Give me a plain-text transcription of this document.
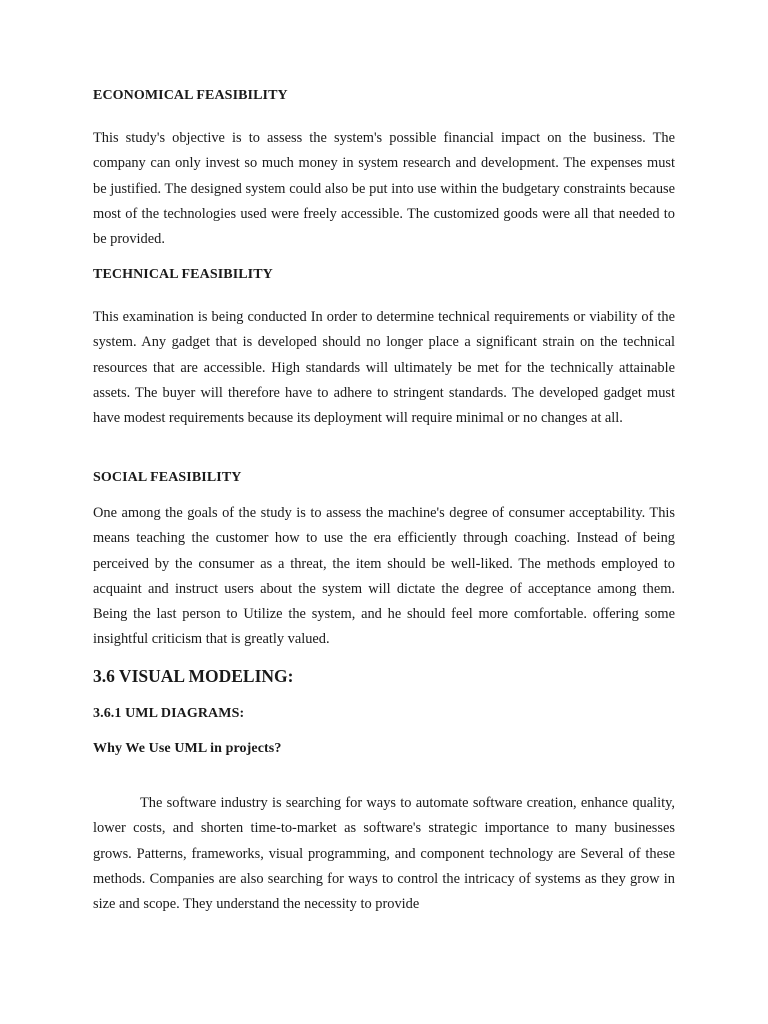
ECONOMICAL FEASIBILITY

This study's objective is to assess the system's possible financial impact on the business. The company can only invest so much money in system research and development. The expenses must be justified. The designed system could also be put into use within the budgetary constraints because most of the technologies used were freely accessible. The customized goods were all that needed to be provided.

TECHNICAL FEASIBILITY

This examination is being conducted In order to determine technical requirements or viability of the system. Any gadget that is developed should no longer place a significant strain on the technical resources that are accessible. High standards will ultimately be met for the technically attainable assets. The buyer will therefore have to adhere to stringent standards. The developed gadget must have modest requirements because its deployment will require minimal or no changes at all.

SOCIAL FEASIBILITY

One among the goals of the study is to assess the machine's degree of consumer acceptability. This means teaching the customer how to use the era efficiently through coaching. Instead of being perceived by the consumer as a threat, the item should be well-liked. The methods employed to acquaint and instruct users about the system will dictate the degree of acceptance among them. Being the last person to Utilize the system, and he should feel more comfortable. offering some insightful criticism that is greatly valued.

3.6 VISUAL MODELING:
3.6.1 UML DIAGRAMS:
Why We Use UML in projects?

The software industry is searching for ways to automate software creation, enhance quality, lower costs, and shorten time-to-market as software's strategic importance to many businesses grows. Patterns, frameworks, visual programming, and component technology are Several of these methods. Companies are also searching for ways to control the intricacy of systems as they grow in size and scope. They understand the necessity to provide
